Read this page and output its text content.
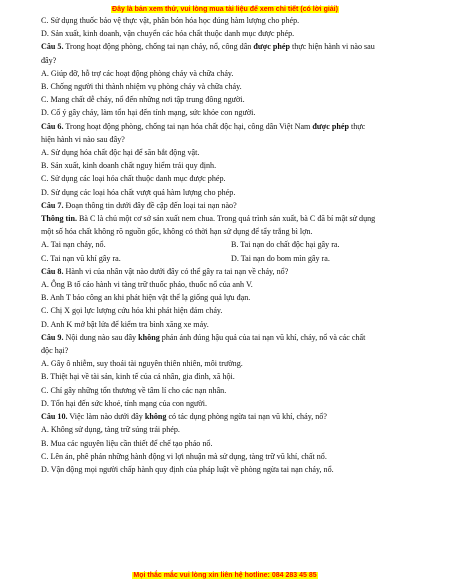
Đây là bản xem thử, vui lòng mua tài liệu để xem chi tiết (có lời giải)
C. Sử dụng thuốc bảo vệ thực vật, phân bón hóa học đúng hàm lượng cho phép.
D. Sản xuất, kinh doanh, vận chuyển các hóa chất thuộc danh mục được phép.
Câu 5. Trong hoạt động phòng, chống tai nạn cháy, nổ, công dân được phép thực hiện hành vi nào sau
đây?
A. Giúp đỡ, hỗ trợ các hoạt động phòng cháy và chữa cháy.
B. Chống người thi thành nhiệm vụ phòng cháy và chữa cháy.
C. Mang chất dễ cháy, nổ đến những nơi tập trung đông người.
D. Cố ý gây cháy, làm tổn hại đến tính mạng, sức khỏe con người.
Câu 6. Trong hoạt động phòng, chống tai nạn hóa chất độc hại, công dân Việt Nam được phép thực
hiện hành vi nào sau đây?
A. Sử dụng hóa chất độc hại để săn bắt động vật.
B. Sản xuất, kinh doanh chất nguy hiểm trái quy định.
C. Sử dụng các loại hóa chất thuộc danh mục được phép.
D. Sử dụng các loại hóa chất vượt quá hàm lượng cho phép.
Câu 7. Đoạn thông tin dưới đây đề cập đến loại tai nạn nào?
Thông tin. Bà C là chủ một cơ sở sản xuất nem chua. Trong quá trình sản xuất, bà C đã bí mật sử dụng
một số hóa chất không rõ nguồn gốc, không có thời hạn sử dụng để tẩy trắng bì lợn.
A. Tai nạn cháy, nổ.	B. Tai nạn do chất độc hại gây ra.
C. Tai nạn vũ khí gây ra.	D. Tai nạn do bom mìn gây ra.
Câu 8. Hành vi của nhân vật nào dưới đây có thể gây ra tai nạn về cháy, nổ?
A. Ông B tố cáo hành vi tàng trữ thuốc pháo, thuốc nổ của anh V.
B. Anh T báo công an khi phát hiện vật thể lạ giống quả lựu đạn.
C. Chị X gọi lực lượng cứu hỏa khi phát hiện đám cháy.
D. Anh K mở bật lửa để kiểm tra bình xăng xe máy.
Câu 9. Nội dung nào sau đây không phản ánh đúng hậu quả của tai nạn vũ khí, cháy, nổ và các chất
độc hại?
A. Gây ô nhiễm, suy thoái tài nguyên thiên nhiên, môi trường.
B. Thiệt hại về tài sản, kinh tế của cá nhân, gia đình, xã hội.
C. Chỉ gây những tổn thương về tâm lí cho các nạn nhân.
D. Tổn hại đến sức khoẻ, tính mạng của con người.
Câu 10. Việc làm nào dưới đây không có tác dụng phòng ngừa tai nạn vũ khí, cháy, nổ?
A. Không sử dụng, tàng trữ súng trái phép.
B. Mua các nguyên liệu cần thiết để chế tạo pháo nổ.
C. Lên án, phê phán những hành động vi lợi nhuận mà sử dụng, tàng trữ vũ khí, chất nổ.
D. Vận động mọi người chấp hành quy định của pháp luật về phòng ngừa tai nạn cháy, nổ.
Mọi thắc mắc vui lòng xin liên hệ hotline: 084 283 45 85
